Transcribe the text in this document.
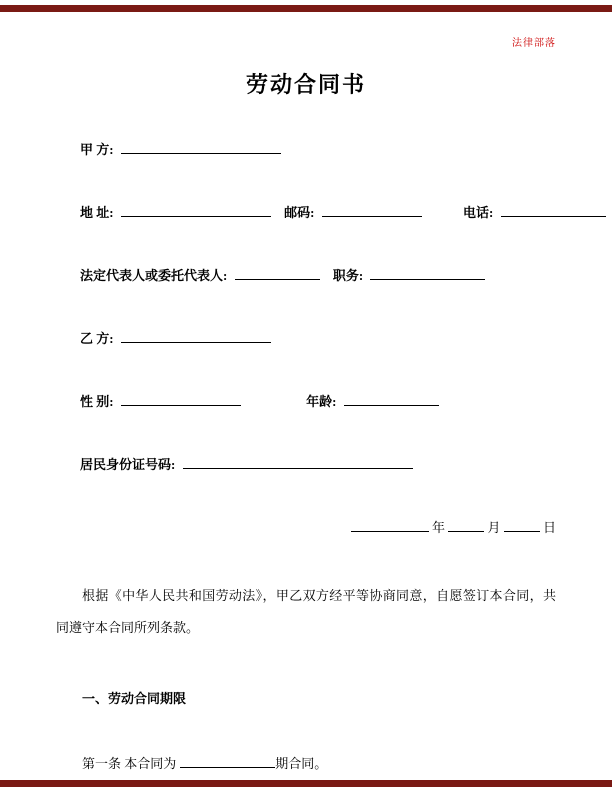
法律部落
劳动合同书
甲 方:
地 址:	邮码:	电话:
法定代表人或委托代表人:	职务:
乙 方:
性 别:	年龄:
居民身份证号码:
年	月	日

根据《中华人民共和国劳动法》，甲乙双方经平等协商同意，自愿签订本合同，共同遵守本合同所列条款。

一、劳动合同期限
第一条 本合同为	期合同。
